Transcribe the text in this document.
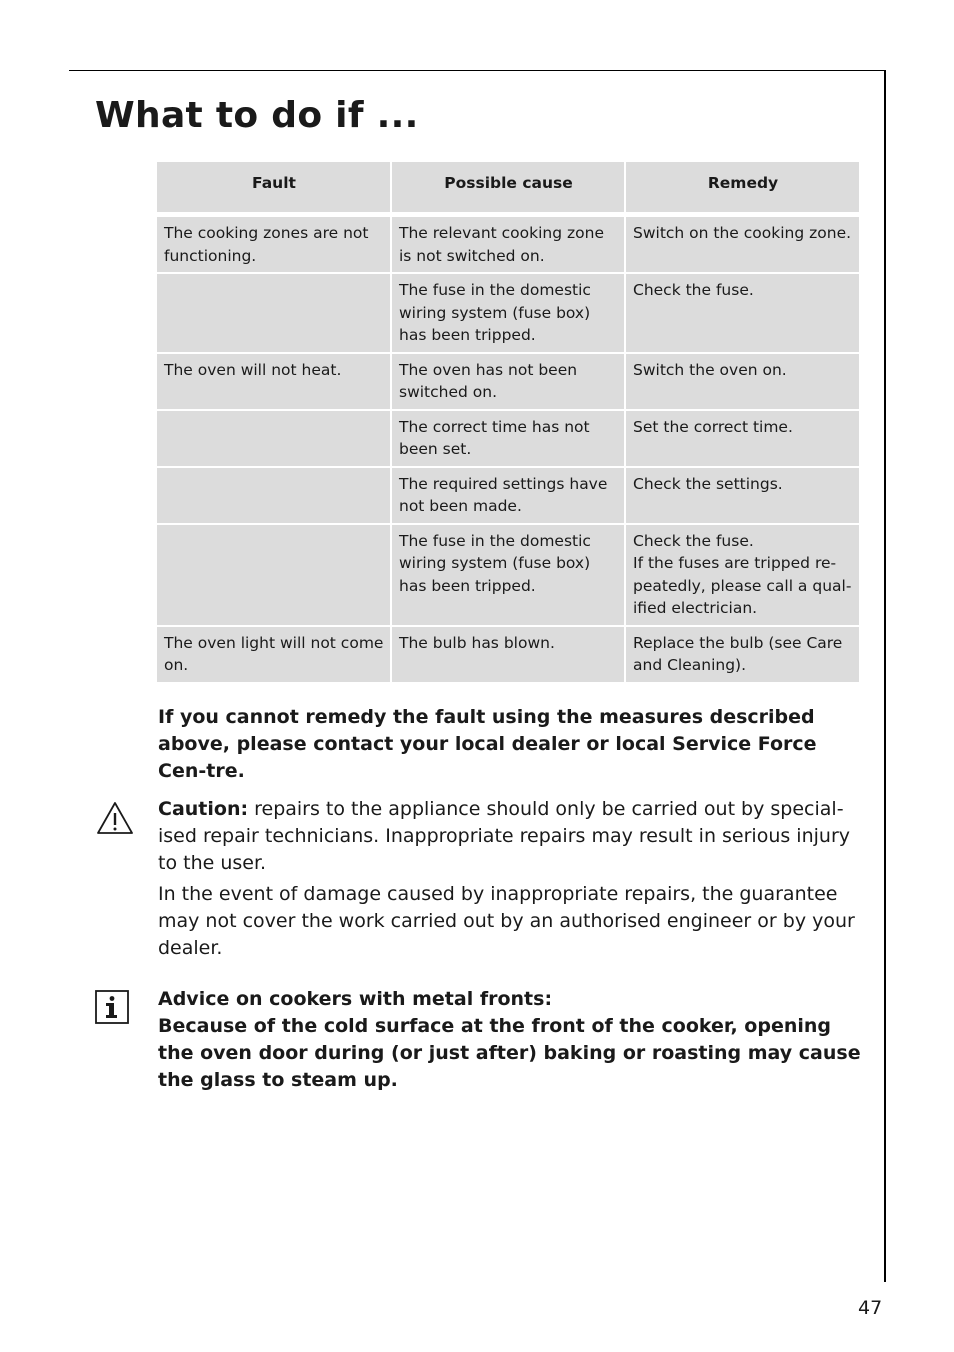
What to do if ...
Fault	Possible cause	Remedy
The cooking zones are not functioning.	The relevant cooking zone is not switched on.	Switch on the cooking zone.
	The fuse in the domestic wiring system (fuse box) has been tripped.	Check the fuse.
The oven will not heat.	The oven has not been switched on.	Switch the oven on.
	The correct time has not been set.	Set the correct time.
	The required settings have not been made.	Check the settings.
	The fuse in the domestic wiring system (fuse box) has been tripped.	Check the fuse.
If the fuses are tripped re-peatedly, please call a qual-ified electrician.
The oven light will not come on.	The bulb has blown.	Replace the bulb (see Care and Cleaning).
If you cannot remedy the fault using the measures described above, please contact your local dealer or local Service Force Cen-tre.
Caution: repairs to the appliance should only be carried out by special-ised repair technicians. Inappropriate repairs may result in serious injury to the user.
In the event of damage caused by inappropriate repairs, the guarantee may not cover the work carried out by an authorised engineer or by your dealer.
Advice on cookers with metal fronts:
Because of the cold surface at the front of the cooker, opening the oven door during (or just after) baking or roasting may cause the glass to steam up.
47
